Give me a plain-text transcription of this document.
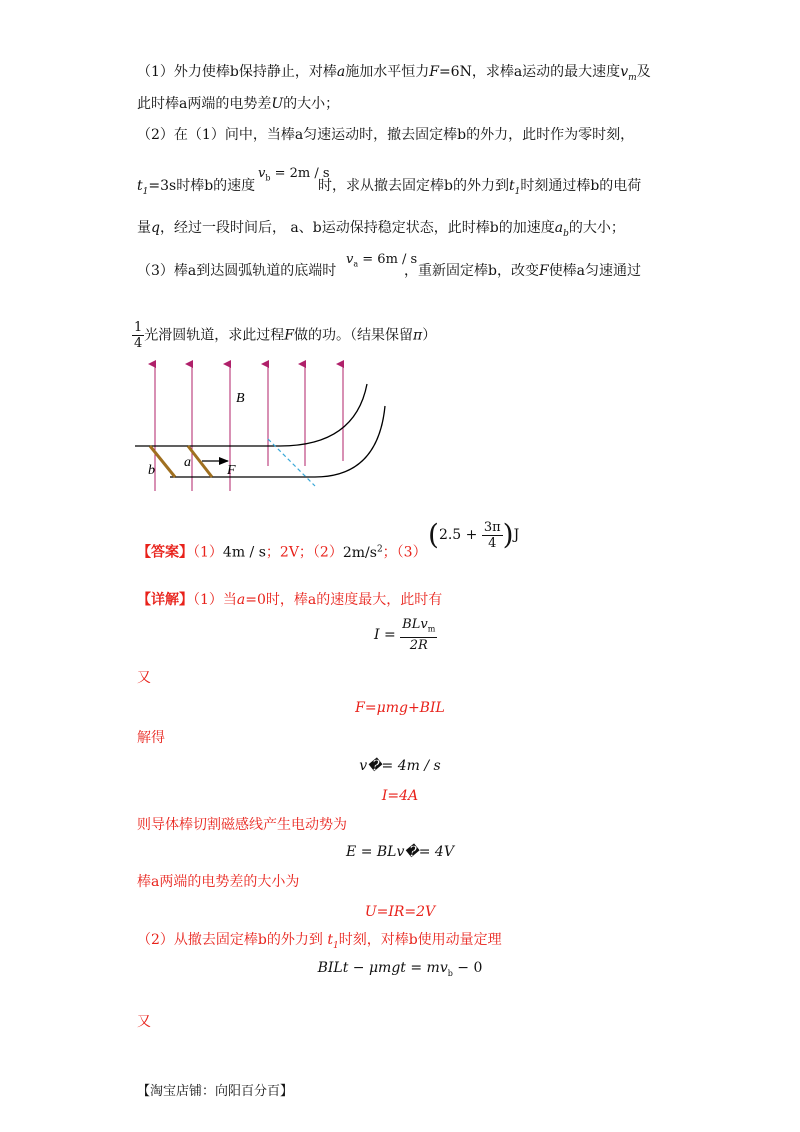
（1）外力使棒b保持静止，对棒a施加水平恒力F=6N，求棒a运动的最大速度$v_m$及
此时棒a两端的电势差U的大小；
（2）在（1）问中，当棒a匀速运动时，撤去固定棒b的外力，此时作为零时刻，
$t_1=3s$时棒b的速度
$v_b = 2m / s$
时，求从撤去固定棒b的外力到$t_1$时刻通过棒b的电荷
量q，经过一段时间后， a、b运动保持稳定状态，此时棒b的加速度$a_b$的大小；
（3）棒a到达圆弧轨道的底端时
$v_a = 6m / s$
，重新固定棒b，改变F使棒a匀速通过
$\frac{1}{4}$ 光滑圆轨道，求此过程F做的功。（结果保留π）
B
b
a
F
【答案】（1）4m / s；2V；$(2)2m/s^2$；（3）
$(2.5 + \frac{3\pi}{4} )J$
【详解】（1）当a=0时，棒a的速度最大，此时有
$I = \frac{BLv_m}{2R}$
又
F=μmg+BIL
解得
v�= 4m / s
I=4A
则导体棒切割磁感线产生电动势为
E = BLv�= 4V
棒a两端的电势差的大小为
U=IR=2V
（2）从撤去固定棒b的外力到 $t_1$时刻，对棒b使用动量定理
BILt − $\mu mgt = mv_b - 0$
又
【淘宝店铺：向阳百分百】
